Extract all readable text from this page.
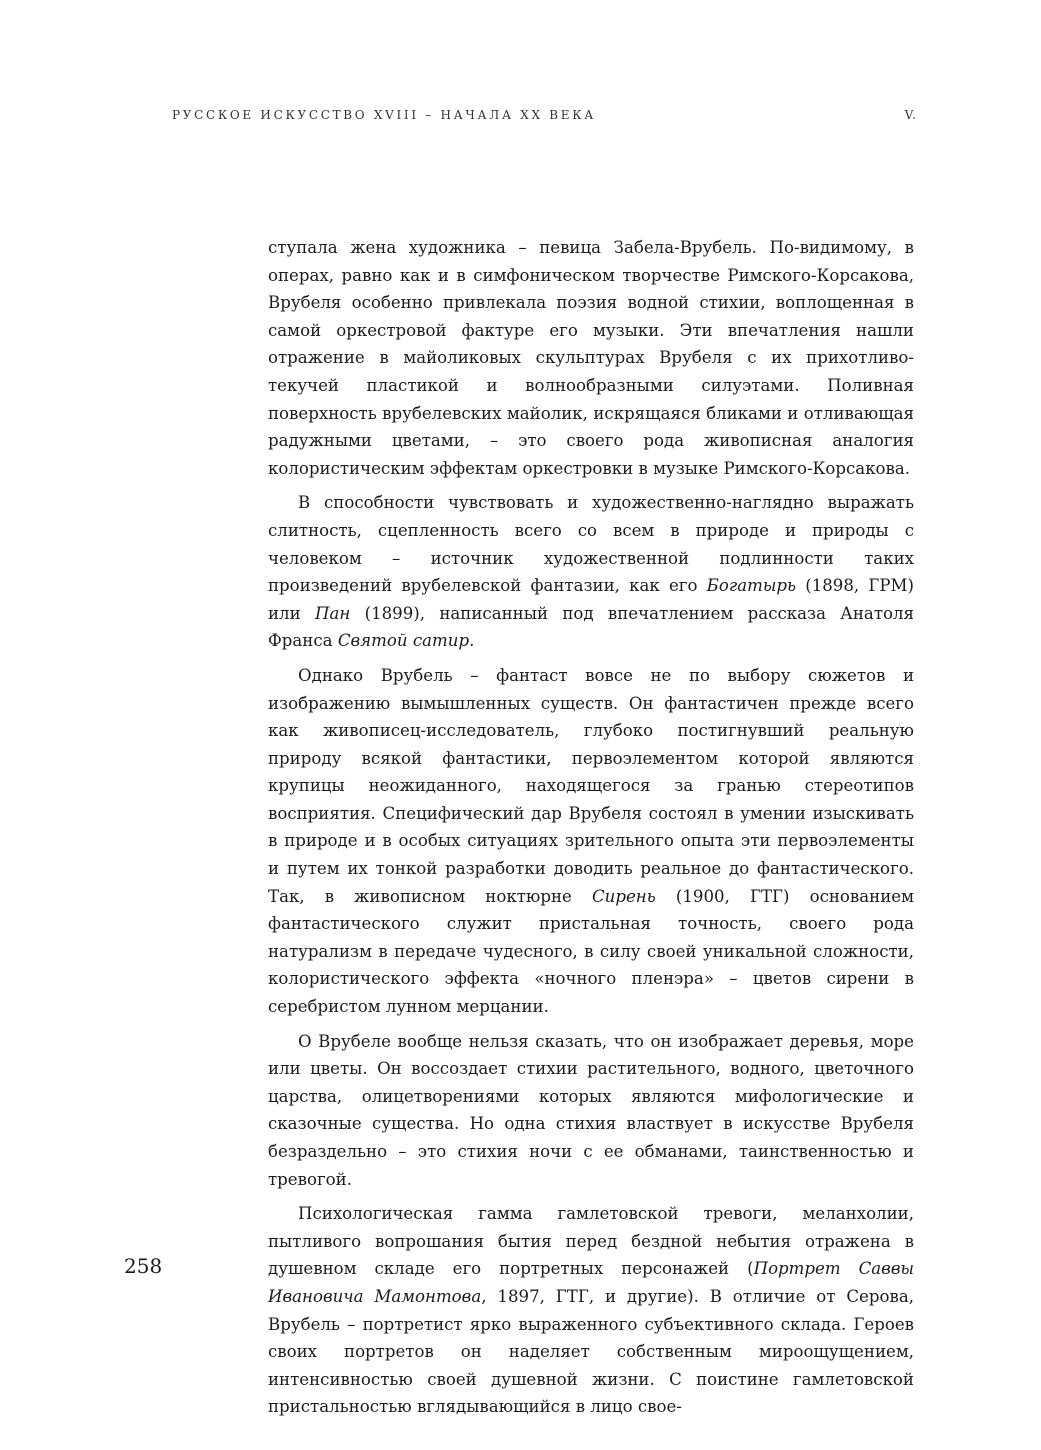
РУССКОЕ ИСКУССТВО XVIII – НАЧАЛА XX ВЕКА	V.

ступала жена художника – певица Забела-Врубель. По-видимому, в операх, равно как и в симфоническом творчестве Римского-Корсакова, Врубеля особенно привлекала поэзия водной стихии, воплощенная в самой оркестровой фактуре его музыки. Эти впечатления нашли отражение в майоликовых скульптурах Врубеля с их прихотливо-текучей пластикой и волнообразными силуэтами. Поливная поверхность врубелевских майолик, искрящаяся бликами и отливающая радужными цветами, – это своего рода живописная аналогия колористическим эффектам оркестровки в музыке Римского-Корсакова.

В способности чувствовать и художественно-наглядно выражать слитность, сцепленность всего со всем в природе и природы с человеком – источник художественной подлинности таких произведений врубелевской фантазии, как его Богатырь (1898, ГРМ) или Пан (1899), написанный под впечатлением рассказа Анатоля Франса Святой сатир.

Однако Врубель – фантаст вовсе не по выбору сюжетов и изображению вымышленных существ. Он фантастичен прежде всего как живописец-исследователь, глубоко постигнувший реальную природу всякой фантастики, первоэлементом которой являются крупицы неожиданного, находящегося за гранью стереотипов восприятия. Специфический дар Врубеля состоял в умении изыскивать в природе и в особых ситуациях зрительного опыта эти первоэлементы и путем их тонкой разработки доводить реальное до фантастического. Так, в живописном ноктюрне Сирень (1900, ГТГ) основанием фантастического служит пристальная точность, своего рода натурализм в передаче чудесного, в силу своей уникальной сложности, колористического эффекта «ночного пленэра» – цветов сирени в серебристом лунном мерцании.

О Врубеле вообще нельзя сказать, что он изображает деревья, море или цветы. Он воссоздает стихии растительного, водного, цветочного царства, олицетворениями которых являются мифологические и сказочные существа. Но одна стихия властвует в искусстве Врубеля безраздельно – это стихия ночи с ее обманами, таинственностью и тревогой.

Психологическая гамма гамлетовской тревоги, меланхолии, пытливого вопрошания бытия перед бездной небытия отражена в душевном складе его портретных персонажей (Портрет Саввы Ивановича Мамонтова, 1897, ГТГ, и другие). В отличие от Серова, Врубель – портретист ярко выраженного субъективного склада. Героев своих портретов он наделяет собственным мироощущением, интенсивностью своей душевной жизни. С поистине гамлетовской пристальностью вглядывающийся в лицо свое-

258
